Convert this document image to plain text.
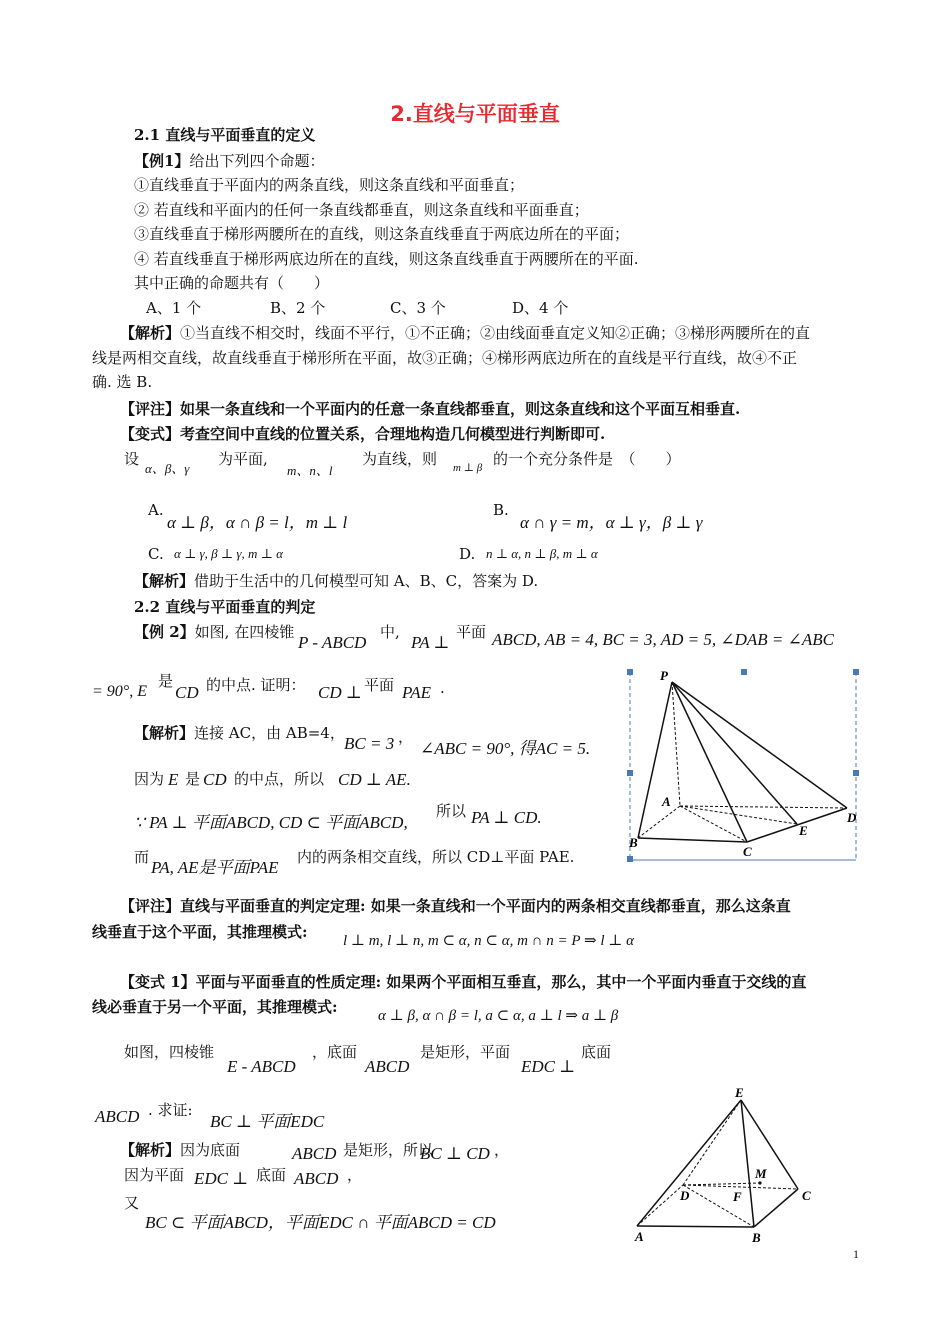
2.直线与平面垂直
2.1 直线与平面垂直的定义
【例1】给出下列四个命题：
①直线垂直于平面内的两条直线，则这条直线和平面垂直；
② 若直线和平面内的任何一条直线都垂直，则这条直线和平面垂直；
③直线垂直于梯形两腰所在的直线，则这条直线垂直于两底边所在的平面；
④ 若直线垂直于梯形两底边所在的直线，则这条直线垂直于两腰所在的平面.
其中正确的命题共有（　　）
A、1 个	B、2 个	C、3 个	D、4 个
【解析】①当直线不相交时，线面不平行，①不正确；②由线面垂直定义知②正确；③梯形两腰所在的直
线是两相交直线，故直线垂直于梯形所在平面，故③正确；④梯形两底边所在的直线是平行直线，故④不正
确. 选 B.
【评注】如果一条直线和一个平面内的任意一条直线都垂直，则这条直线和这个平面互相垂直.
【变式】考查空间中直线的位置关系，合理地构造几何模型进行判断即可.
设
α、β、γ
为平面,
m、n、l
为直线，则 m ⊥ β 的一个充分条件是　（　　）
A.
α ⊥ β，α ∩ β = l，m ⊥ l
B.
α ∩ γ = m，α ⊥ γ，β ⊥ γ
C. α ⊥ γ, β ⊥ γ, m ⊥ α	D. n ⊥ α, n ⊥ β, m ⊥ α
【解析】借助于生活中的几何模型可知 A、B、C，答案为 D.
2.2 直线与平面垂直的判定
【例 2】如图, 在四棱锥
P - ABCD
中,
PA ⊥
平面 ABCD, AB = 4, BC = 3, AD = 5, ∠DAB = ∠ABC
= 90°, E
是
CD 的中点. 证明： CD ⊥ 平面 PAE .
【解析】连接 AC，由 AB=4，
BC = 3 ，
∠ABC = 90°, 得AC = 5.
因为 E 是 CD 的中点，所以 CD ⊥ AE.
∵ PA ⊥ 平面ABCD, CD ⊂ 平面ABCD,
所以 PA ⊥ CD.
而
PA, AE是平面PAE
内的两条相交直线，所以 CD⊥平面 PAE.
【评注】直线与平面垂直的判定定理: 如果一条直线和一个平面内的两条相交直线都垂直，那么这条直
线垂直于这个平面，其推理模式: l ⊥ m, l ⊥ n, m ⊂ α, n ⊂ α, m ∩ n = P ⇒ l ⊥ α
【变式 1】平面与平面垂直的性质定理: 如果两个平面相互垂直，那么，其中一个平面内垂直于交线的直
线必垂直于另一个平面，其推理模式:	α ⊥ β, α ∩ β = l, a ⊂ α, a ⊥ l ⇒ a ⊥ β
如图，四棱锥
E - ABCD
，底面
ABCD
是矩形，平面
EDC ⊥
底面
ABCD . 求证:
BC ⊥ 平面EDC
【解析】因为底面	ABCD 是矩形，所以
BC ⊥ CD ，
因为平面 EDC ⊥ 底面 ABCD ，
又
BC ⊂ 平面ABCD，平面EDC ∩ 平面ABCD = CD
P
A
B
C
D
E
E
M
D	F	C
A	B
1
